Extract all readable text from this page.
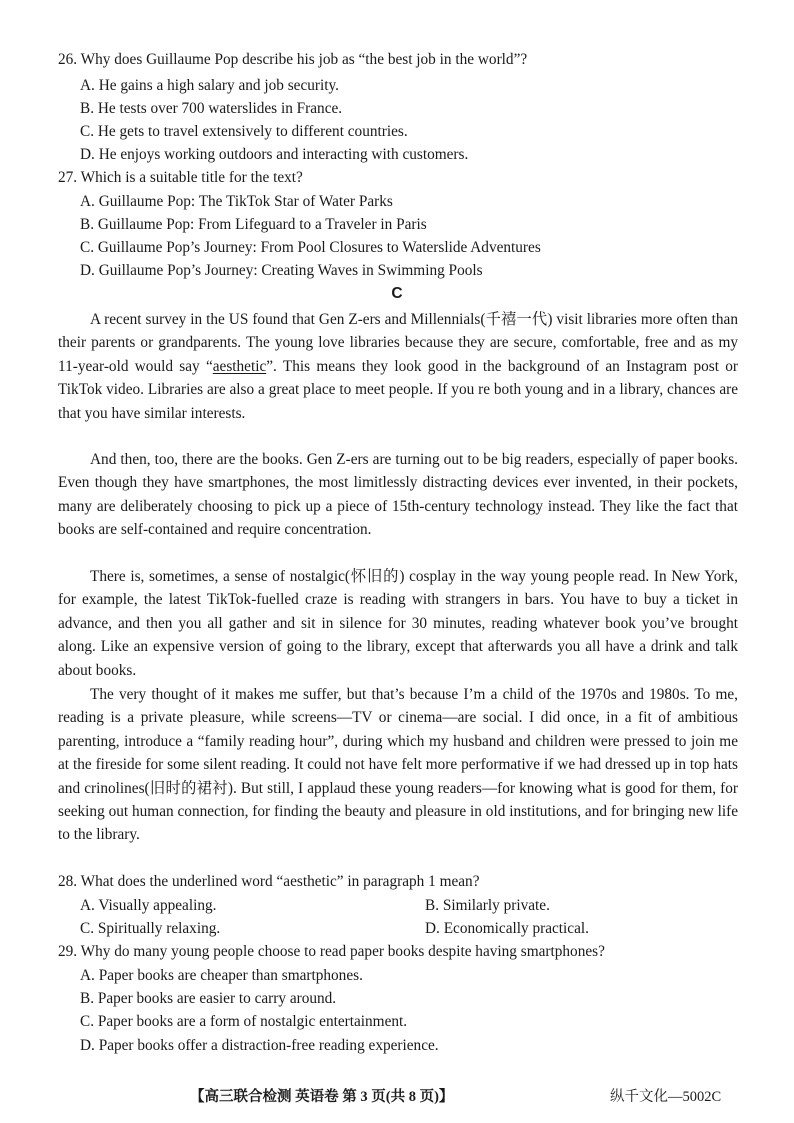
26. Why does Guillaume Pop describe his job as “the best job in the world”?
A. He gains a high salary and job security.
B. He tests over 700 waterslides in France.
C. He gets to travel extensively to different countries.
D. He enjoys working outdoors and interacting with customers.
27. Which is a suitable title for the text?
A. Guillaume Pop: The TikTok Star of Water Parks
B. Guillaume Pop: From Lifeguard to a Traveler in Paris
C. Guillaume Pop’s Journey: From Pool Closures to Waterslide Adventures
D. Guillaume Pop’s Journey: Creating Waves in Swimming Pools
C

A recent survey in the US found that Gen Z-ers and Millennials(千禧一代) visit libraries more often than their parents or grandparents. The young love libraries because they are secure, comfortable, free and as my 11-year-old would say “aesthetic”. This means they look good in the background of an Instagram post or TikTok video. Libraries are also a great place to meet people. If you re both young and in a library, chances are that you have similar interests.

And then, too, there are the books. Gen Z-ers are turning out to be big readers, especially of paper books. Even though they have smartphones, the most limitlessly distracting devices ever invented, in their pockets, many are deliberately choosing to pick up a piece of 15th-century technology instead. They like the fact that books are self-contained and require concentration.

There is, sometimes, a sense of nostalgic(怀旧的) cosplay in the way young people read. In New York, for example, the latest TikTok-fuelled craze is reading with strangers in bars. You have to buy a ticket in advance, and then you all gather and sit in silence for 30 minutes, reading whatever book you’ve brought along. Like an expensive version of going to the library, except that afterwards you all have a drink and talk about books.

The very thought of it makes me suffer, but that’s because I’m a child of the 1970s and 1980s. To me, reading is a private pleasure, while screens—TV or cinema—are social. I did once, in a fit of ambitious parenting, introduce a “family reading hour”, during which my husband and children were pressed to join me at the fireside for some silent reading. It could not have felt more performative if we had dressed up in top hats and crinolines(旧时的裙衬). But still, I applaud these young readers—for knowing what is good for them, for seeking out human connection, for finding the beauty and pleasure in old institutions, and for bringing new life to the library.

28. What does the underlined word “aesthetic” in paragraph 1 mean?
A. Visually appealing.	B. Similarly private.
C. Spiritually relaxing.	D. Economically practical.
29. Why do many young people choose to read paper books despite having smartphones?
A. Paper books are cheaper than smartphones.
B. Paper books are easier to carry around.
C. Paper books are a form of nostalgic entertainment.
D. Paper books offer a distraction-free reading experience.
【高三联合检测 英语卷 第 3 页(共 8 页)】	纵千文化—5002C
